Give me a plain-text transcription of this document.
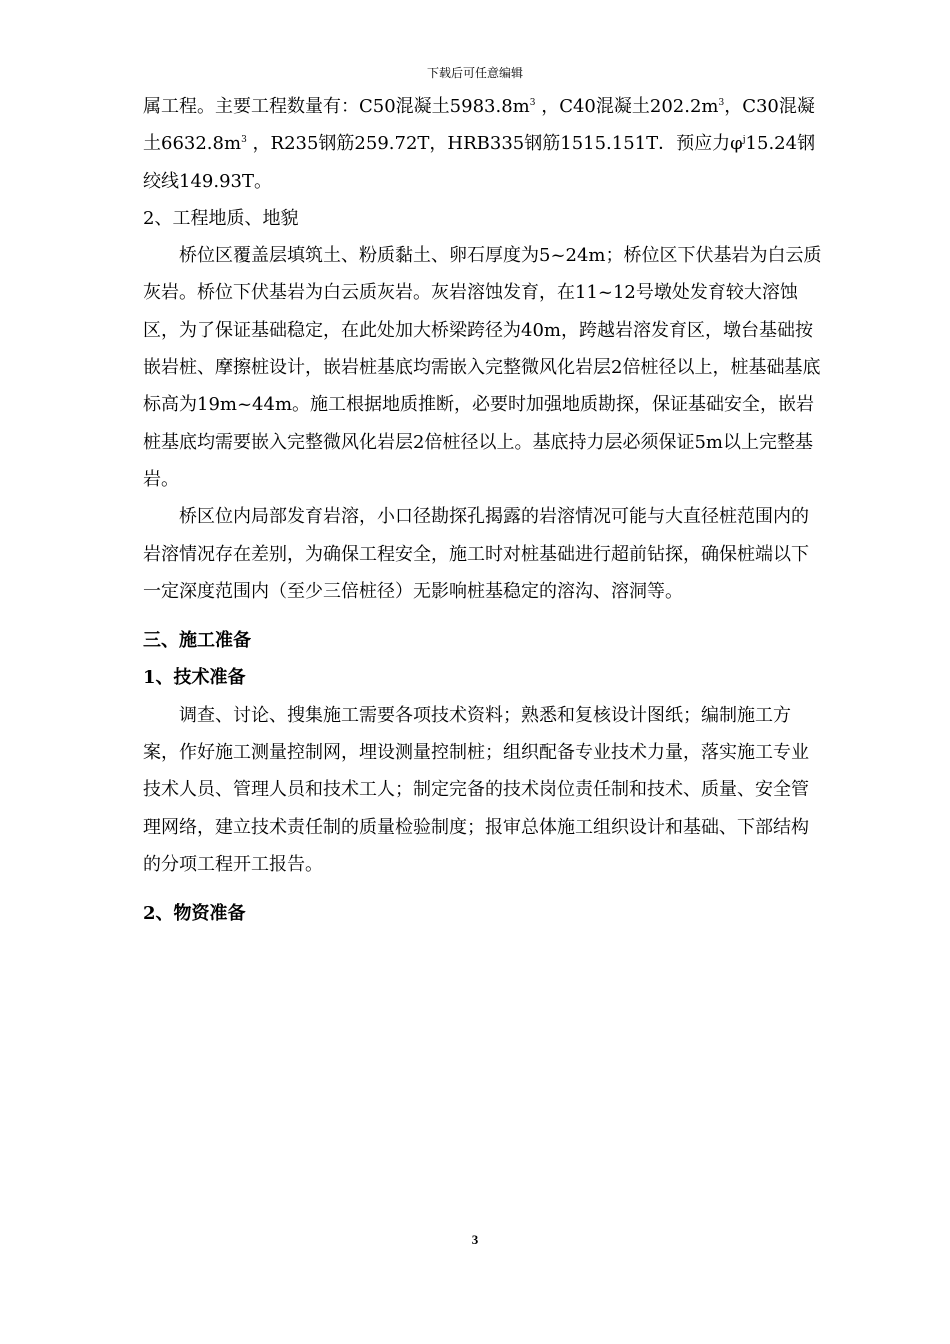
下载后可任意编辑

属工程。主要工程数量有：C50混凝土$5983.8m^3$ ，C40混凝土$202.2m^3$，C30混凝土$6632.8m^3$ ，R235钢筋259.72T，HRB335钢筋1515.151T．预应力$\varphi^j15.24$钢绞线149.93T。

2、工程地质、地貌

桥位区覆盖层填筑土、粉质黏土、卵石厚度为5~24m；桥位区下伏基岩为白云质灰岩。桥位下伏基岩为白云质灰岩。灰岩溶蚀发育，在11~12号墩处发育较大溶蚀区，为了保证基础稳定，在此处加大桥梁跨径为40m，跨越岩溶发育区，墩台基础按嵌岩桩、摩擦桩设计，嵌岩桩基底均需嵌入完整微风化岩层2倍桩径以上，桩基础基底标高为19m~44m。施工根据地质推断，必要时加强地质勘探，保证基础安全，嵌岩桩基底均需要嵌入完整微风化岩层2倍桩径以上。基底持力层必须保证5m以上完整基岩。

桥区位内局部发育岩溶，小口径勘探孔揭露的岩溶情况可能与大直径桩范围内的岩溶情况存在差别，为确保工程安全，施工时对桩基础进行超前钻探，确保桩端以下一定深度范围内（至少三倍桩径）无影响桩基稳定的溶沟、溶洞等。

三、施工准备

1、技术准备

调查、讨论、搜集施工需要各项技术资料；熟悉和复核设计图纸；编制施工方案，作好施工测量控制网，埋设测量控制桩；组织配备专业技术力量，落实施工专业技术人员、管理人员和技术工人；制定完备的技术岗位责任制和技术、质量、安全管理网络，建立技术责任制的质量检验制度；报审总体施工组织设计和基础、下部结构的分项工程开工报告。

2、物资准备

3
